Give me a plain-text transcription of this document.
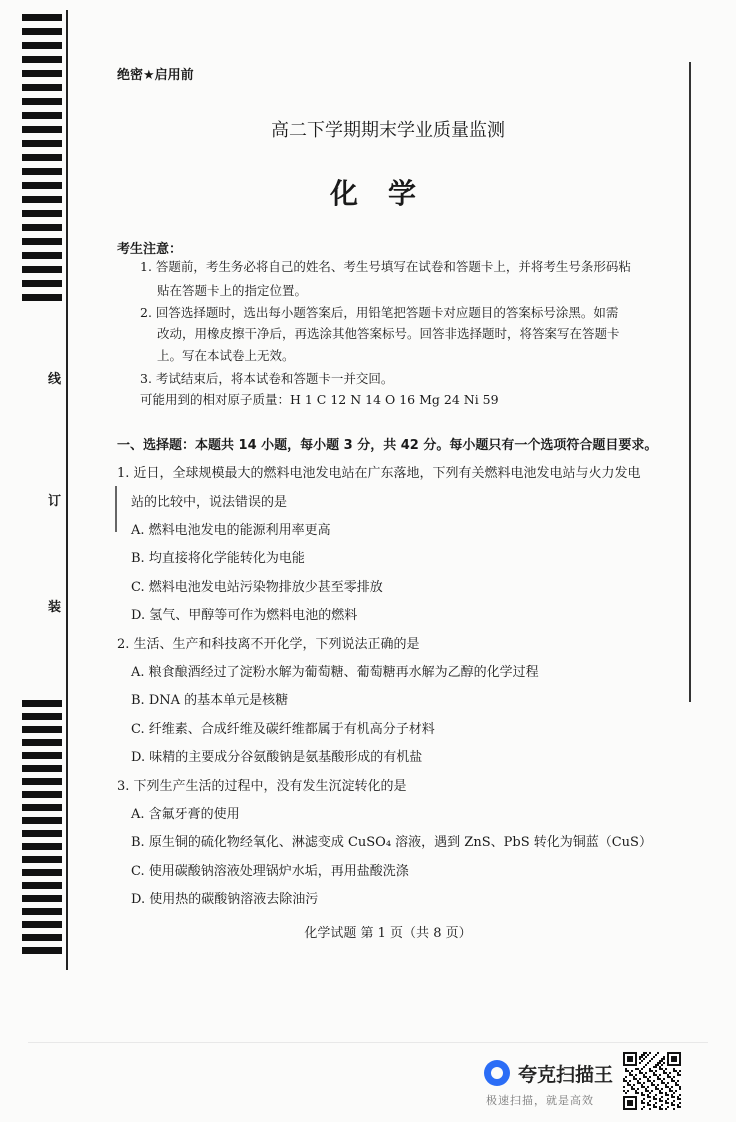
线
订
装
绝密★启用前
高二下学期期末学业质量监测
化学
考生注意：
1. 答题前，考生务必将自己的姓名、考生号填写在试卷和答题卡上，并将考生号条形码粘
贴在答题卡上的指定位置。
2. 回答选择题时，选出每小题答案后，用铅笔把答题卡对应题目的答案标号涂黑。如需
改动，用橡皮擦干净后，再选涂其他答案标号。回答非选择题时，将答案写在答题卡
上。写在本试卷上无效。
3. 考试结束后，将本试卷和答题卡一并交回。
可能用到的相对原子质量：H 1 C 12 N 14 O 16 Mg 24 Ni 59
一、选择题：本题共 14 小题，每小题 3 分，共 42 分。每小题只有一个选项符合题目要求。
1. 近日，全球规模最大的燃料电池发电站在广东落地，下列有关燃料电池发电站与火力发电
站的比较中，说法错误的是
A. 燃料电池发电的能源利用率更高
B. 均直接将化学能转化为电能
C. 燃料电池发电站污染物排放少甚至零排放
D. 氢气、甲醇等可作为燃料电池的燃料
2. 生活、生产和科技离不开化学，下列说法正确的是
A. 粮食酿酒经过了淀粉水解为葡萄糖、葡萄糖再水解为乙醇的化学过程
B. DNA 的基本单元是核糖
C. 纤维素、合成纤维及碳纤维都属于有机高分子材料
D. 味精的主要成分谷氨酸钠是氨基酸形成的有机盐
3. 下列生产生活的过程中，没有发生沉淀转化的是
A. 含氟牙膏的使用
B. 原生铜的硫化物经氧化、淋滤变成 CuSO₄ 溶液，遇到 ZnS、PbS 转化为铜蓝（CuS）
C. 使用碳酸钠溶液处理锅炉水垢，再用盐酸洗涤
D. 使用热的碳酸钠溶液去除油污
化学试题 第 1 页（共 8 页）
夸克扫描王
极速扫描，就是高效
